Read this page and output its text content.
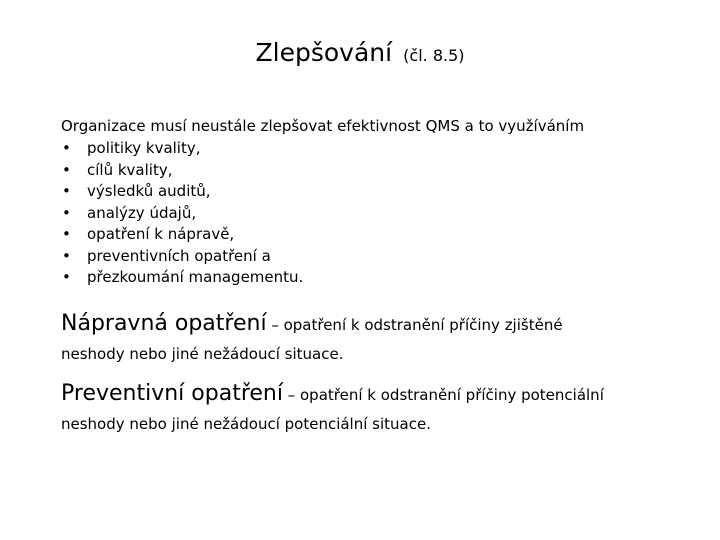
Zlepšování (čl. 8.5)
Organizace musí neustále zlepšovat efektivnost QMS a to využíváním
• politiky kvality,
• cílů kvality,
• výsledků auditů,
• analýzy údajů,
• opatření k nápravě,
• preventivních opatření a
• přezkoumání managementu.
Nápravná opatření – opatření k odstranění příčiny zjištěné
neshody nebo jiné nežádoucí situace.
Preventivní opatření – opatření k odstranění příčiny potenciální
neshody nebo jiné nežádoucí potenciální situace.
